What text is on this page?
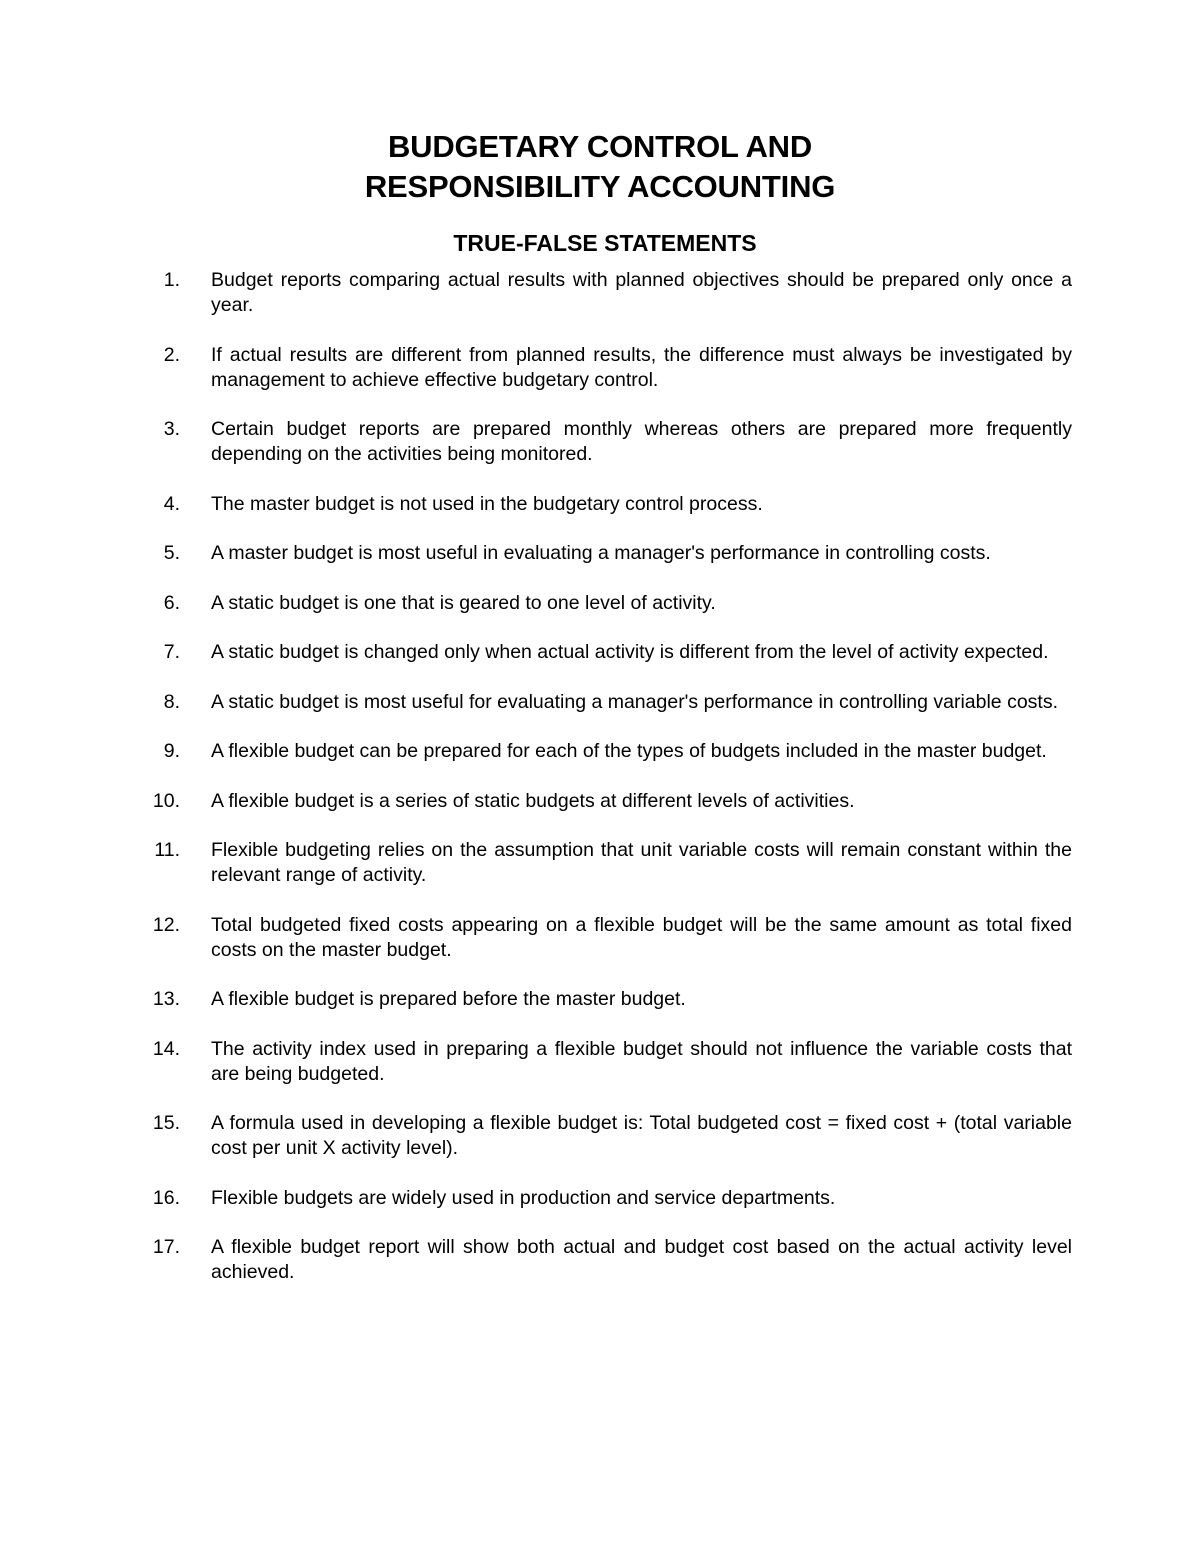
BUDGETARY CONTROL AND
RESPONSIBILITY ACCOUNTING
TRUE-FALSE STATEMENTS
1. Budget reports comparing actual results with planned objectives should be prepared only once a year.
2. If actual results are different from planned results, the difference must always be investigated by management to achieve effective budgetary control.
3. Certain budget reports are prepared monthly whereas others are prepared more frequently depending on the activities being monitored.
4. The master budget is not used in the budgetary control process.
5. A master budget is most useful in evaluating a manager's performance in controlling costs.
6. A static budget is one that is geared to one level of activity.
7. A static budget is changed only when actual activity is different from the level of activity expected.
8. A static budget is most useful for evaluating a manager's performance in controlling variable costs.
9. A flexible budget can be prepared for each of the types of budgets included in the master budget.
10. A flexible budget is a series of static budgets at different levels of activities.
11. Flexible budgeting relies on the assumption that unit variable costs will remain constant within the relevant range of activity.
12. Total budgeted fixed costs appearing on a flexible budget will be the same amount as total fixed costs on the master budget.
13. A flexible budget is prepared before the master budget.
14. The activity index used in preparing a flexible budget should not influence the variable costs that are being budgeted.
15. A formula used in developing a flexible budget is: Total budgeted cost = fixed cost + (total variable cost per unit X activity level).
16. Flexible budgets are widely used in production and service departments.
17. A flexible budget report will show both actual and budget cost based on the actual activity level achieved.
